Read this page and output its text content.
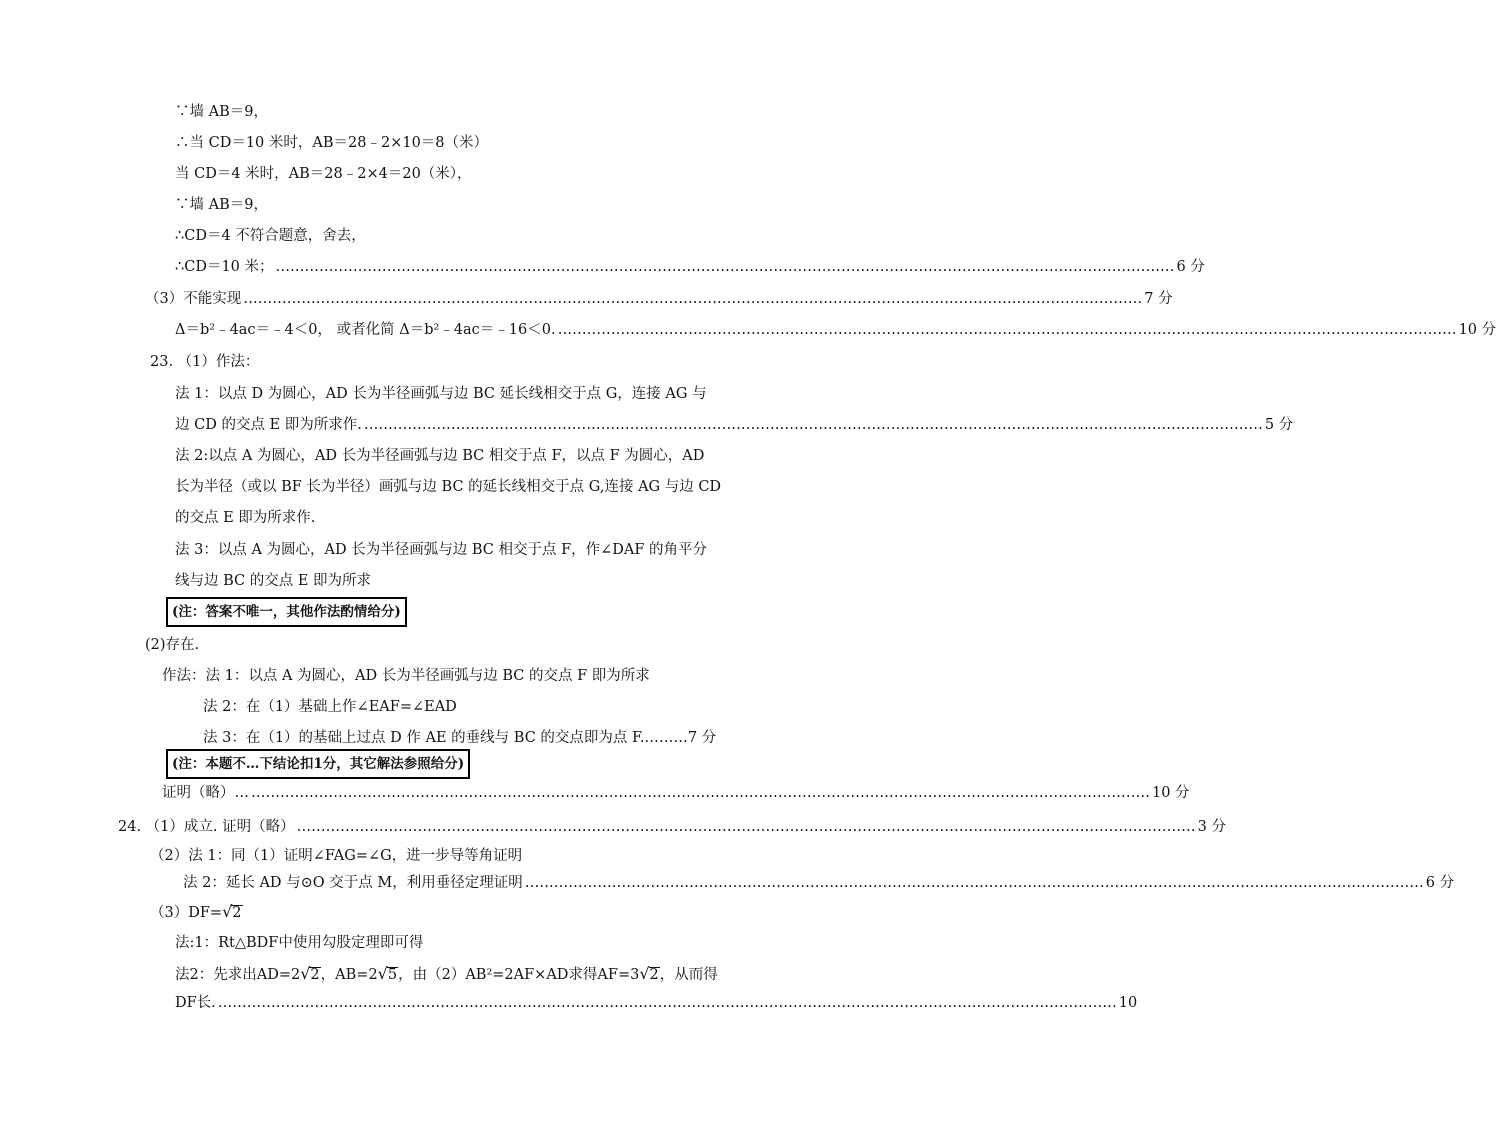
∵墙 AB＝9，
∴当 CD＝10 米时，AB＝28﹣2×10＝8（米）
当 CD＝4 米时，AB＝28﹣2×4＝20（米），
∵墙 AB＝9，
∴CD＝4 不符合题意，舍去，
∴CD＝10 米； …………………………………………………………………………………………………………………………………………………………………… 6 分
（3）不能实现 …………………………………………………………………………………………………………………………………………………………………… 7 分
Δ＝b²﹣4ac＝﹣4＜0， 或者化简 Δ＝b²﹣4ac＝﹣16＜0. …………………………………………………………………………………………………………………………………………………………………… 10 分
23. （1）作法：
法 1：以点 D 为圆心，AD 长为半径画弧与边 BC 延长线相交于点 G，连接 AG 与
边 CD 的交点 E 即为所求作. …………………………………………………………………………………………………………………………………………………………………… 5 分
法 2:以点 A 为圆心，AD 长为半径画弧与边 BC 相交于点 F，以点 F 为圆心，AD
长为半径（或以 BF 长为半径）画弧与边 BC 的延长线相交于点 G,连接 AG 与边 CD
的交点 E 即为所求作.
法 3：以点 A 为圆心，AD 长为半径画弧与边 BC 相交于点 F，作∠DAF 的角平分
线与边 BC 的交点 E 即为所求
(注：答案不唯一，其他作法酌情给分)
(2)存在.
作法：法 1：以点 A 为圆心，AD 长为半径画弧与边 BC 的交点 F 即为所求
法 2：在（1）基础上作∠EAF=∠EAD
法 3：在（1）的基础上过点 D 作 AE 的垂线与 BC 的交点即为点 F.………7 分
(注：本题不…下结论扣1分，其它解法参照给分)
证明（略）… …………………………………………………………………………………………………………………………………………………………………… 10 分
24. （1）成立. 证明（略） …………………………………………………………………………………………………………………………………………………………………… 3 分
（2）法 1：同（1）证明∠FAG=∠G，进一步导等角证明
法 2：延长 AD 与⊙O 交于点 M，利用垂径定理证明 …………………………………………………………………………………………………………………………………………………………………… 6 分
（3）DF=√2
法:1：Rt△BDF中使用勾股定理即可得
法2：先求出AD=2√2，AB=2√5，由（2）AB²=2AF×AD求得AF=3√2，从而得
DF长. …………………………………………………………………………………………………………………………………………………………………… 10
